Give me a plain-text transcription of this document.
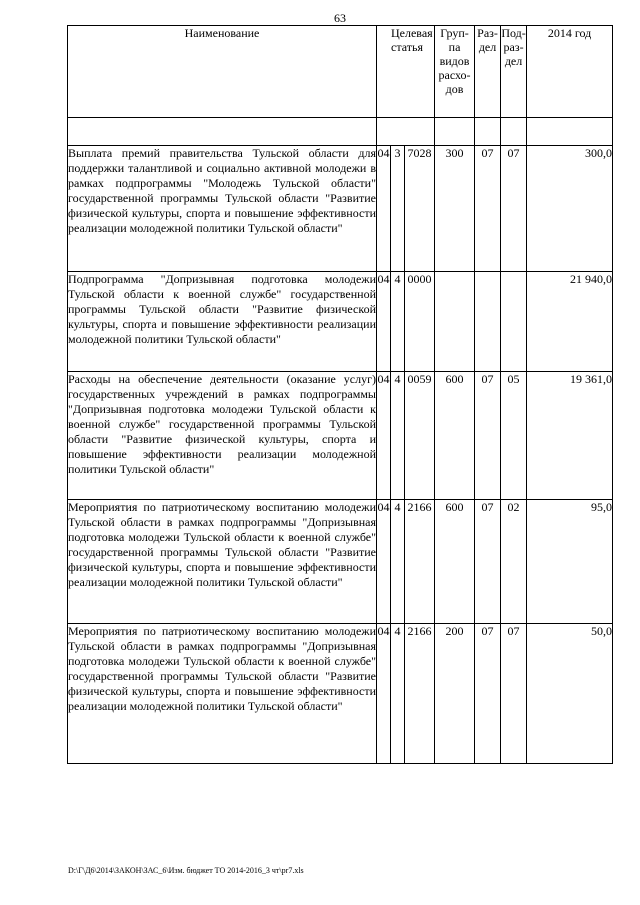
63
Наименование	Целевая статья			Груп-
па
видов
расхо-
дов	Раз-
дел	Под-
раз-
дел	2014 год

Выплата премий правительства Тульской области для поддержки талантливой и социально активной молодежи в рамках подпрограммы "Молодежь Тульской области" государственной программы Тульской области "Развитие физической культуры, спорта и повышение эффективности реализации молодежной политики Тульской области"	04	3	7028	300	07	07	300,0
Подпрограмма "Допризывная подготовка молодежи Тульской области к военной службе" государственной программы Тульской области "Развитие физической культуры, спорта и повышение эффективности реализации молодежной политики Тульской области"	04	4	0000				21 940,0
Расходы на обеспечение деятельности (оказание услуг) государственных учреждений в рамках подпрограммы "Допризывная подготовка молодежи Тульской области к военной службе" государственной программы Тульской области "Развитие физической культуры, спорта и повышение эффективности реализации молодежной политики Тульской области"	04	4	0059	600	07	05	19 361,0
Мероприятия по патриотическому воспитанию молодежи Тульской области в рамках подпрограммы "Допризывная подготовка молодежи Тульской области к военной службе" государственной программы Тульской области "Развитие физической культуры, спорта и повышение эффективности реализации молодежной политики Тульской области"	04	4	2166	600	07	02	95,0
Мероприятия по патриотическому воспитанию молодежи Тульской области в рамках подпрограммы "Допризывная подготовка молодежи Тульской области к военной службе" государственной программы Тульской области "Развитие физической культуры, спорта и повышение эффективности реализации молодежной политики Тульской области"	04	4	2166	200	07	07	50,0
D:\Г\Д6\2014\ЗАКОН\ЗАС_6\Изм. бюджет ТО 2014-2016_3 чт\pr7.xls
